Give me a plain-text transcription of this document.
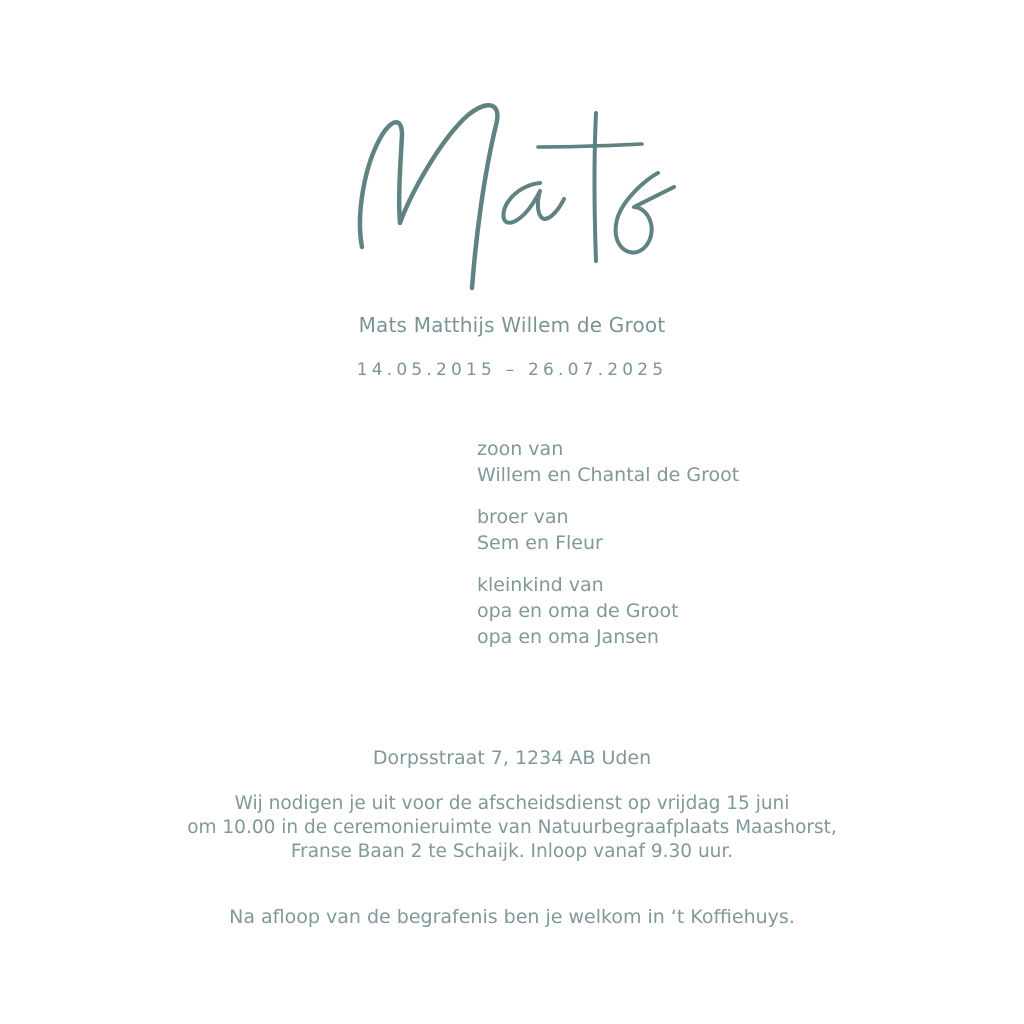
Mats Matthijs Willem de Groot
14.05.2015 – 26.07.2025
zoon van
Willem en Chantal de Groot
broer van
Sem en Fleur
kleinkind van
opa en oma de Groot
opa en oma Jansen
Dorpsstraat 7, 1234 AB Uden
Wij nodigen je uit voor de afscheidsdienst op vrijdag 15 juni
om 10.00 in de ceremonieruimte van Natuurbegraafplaats Maashorst,
Franse Baan 2 te Schaijk. Inloop vanaf 9.30 uur.
Na afloop van de begrafenis ben je welkom in ‘t Koffiehuys.
